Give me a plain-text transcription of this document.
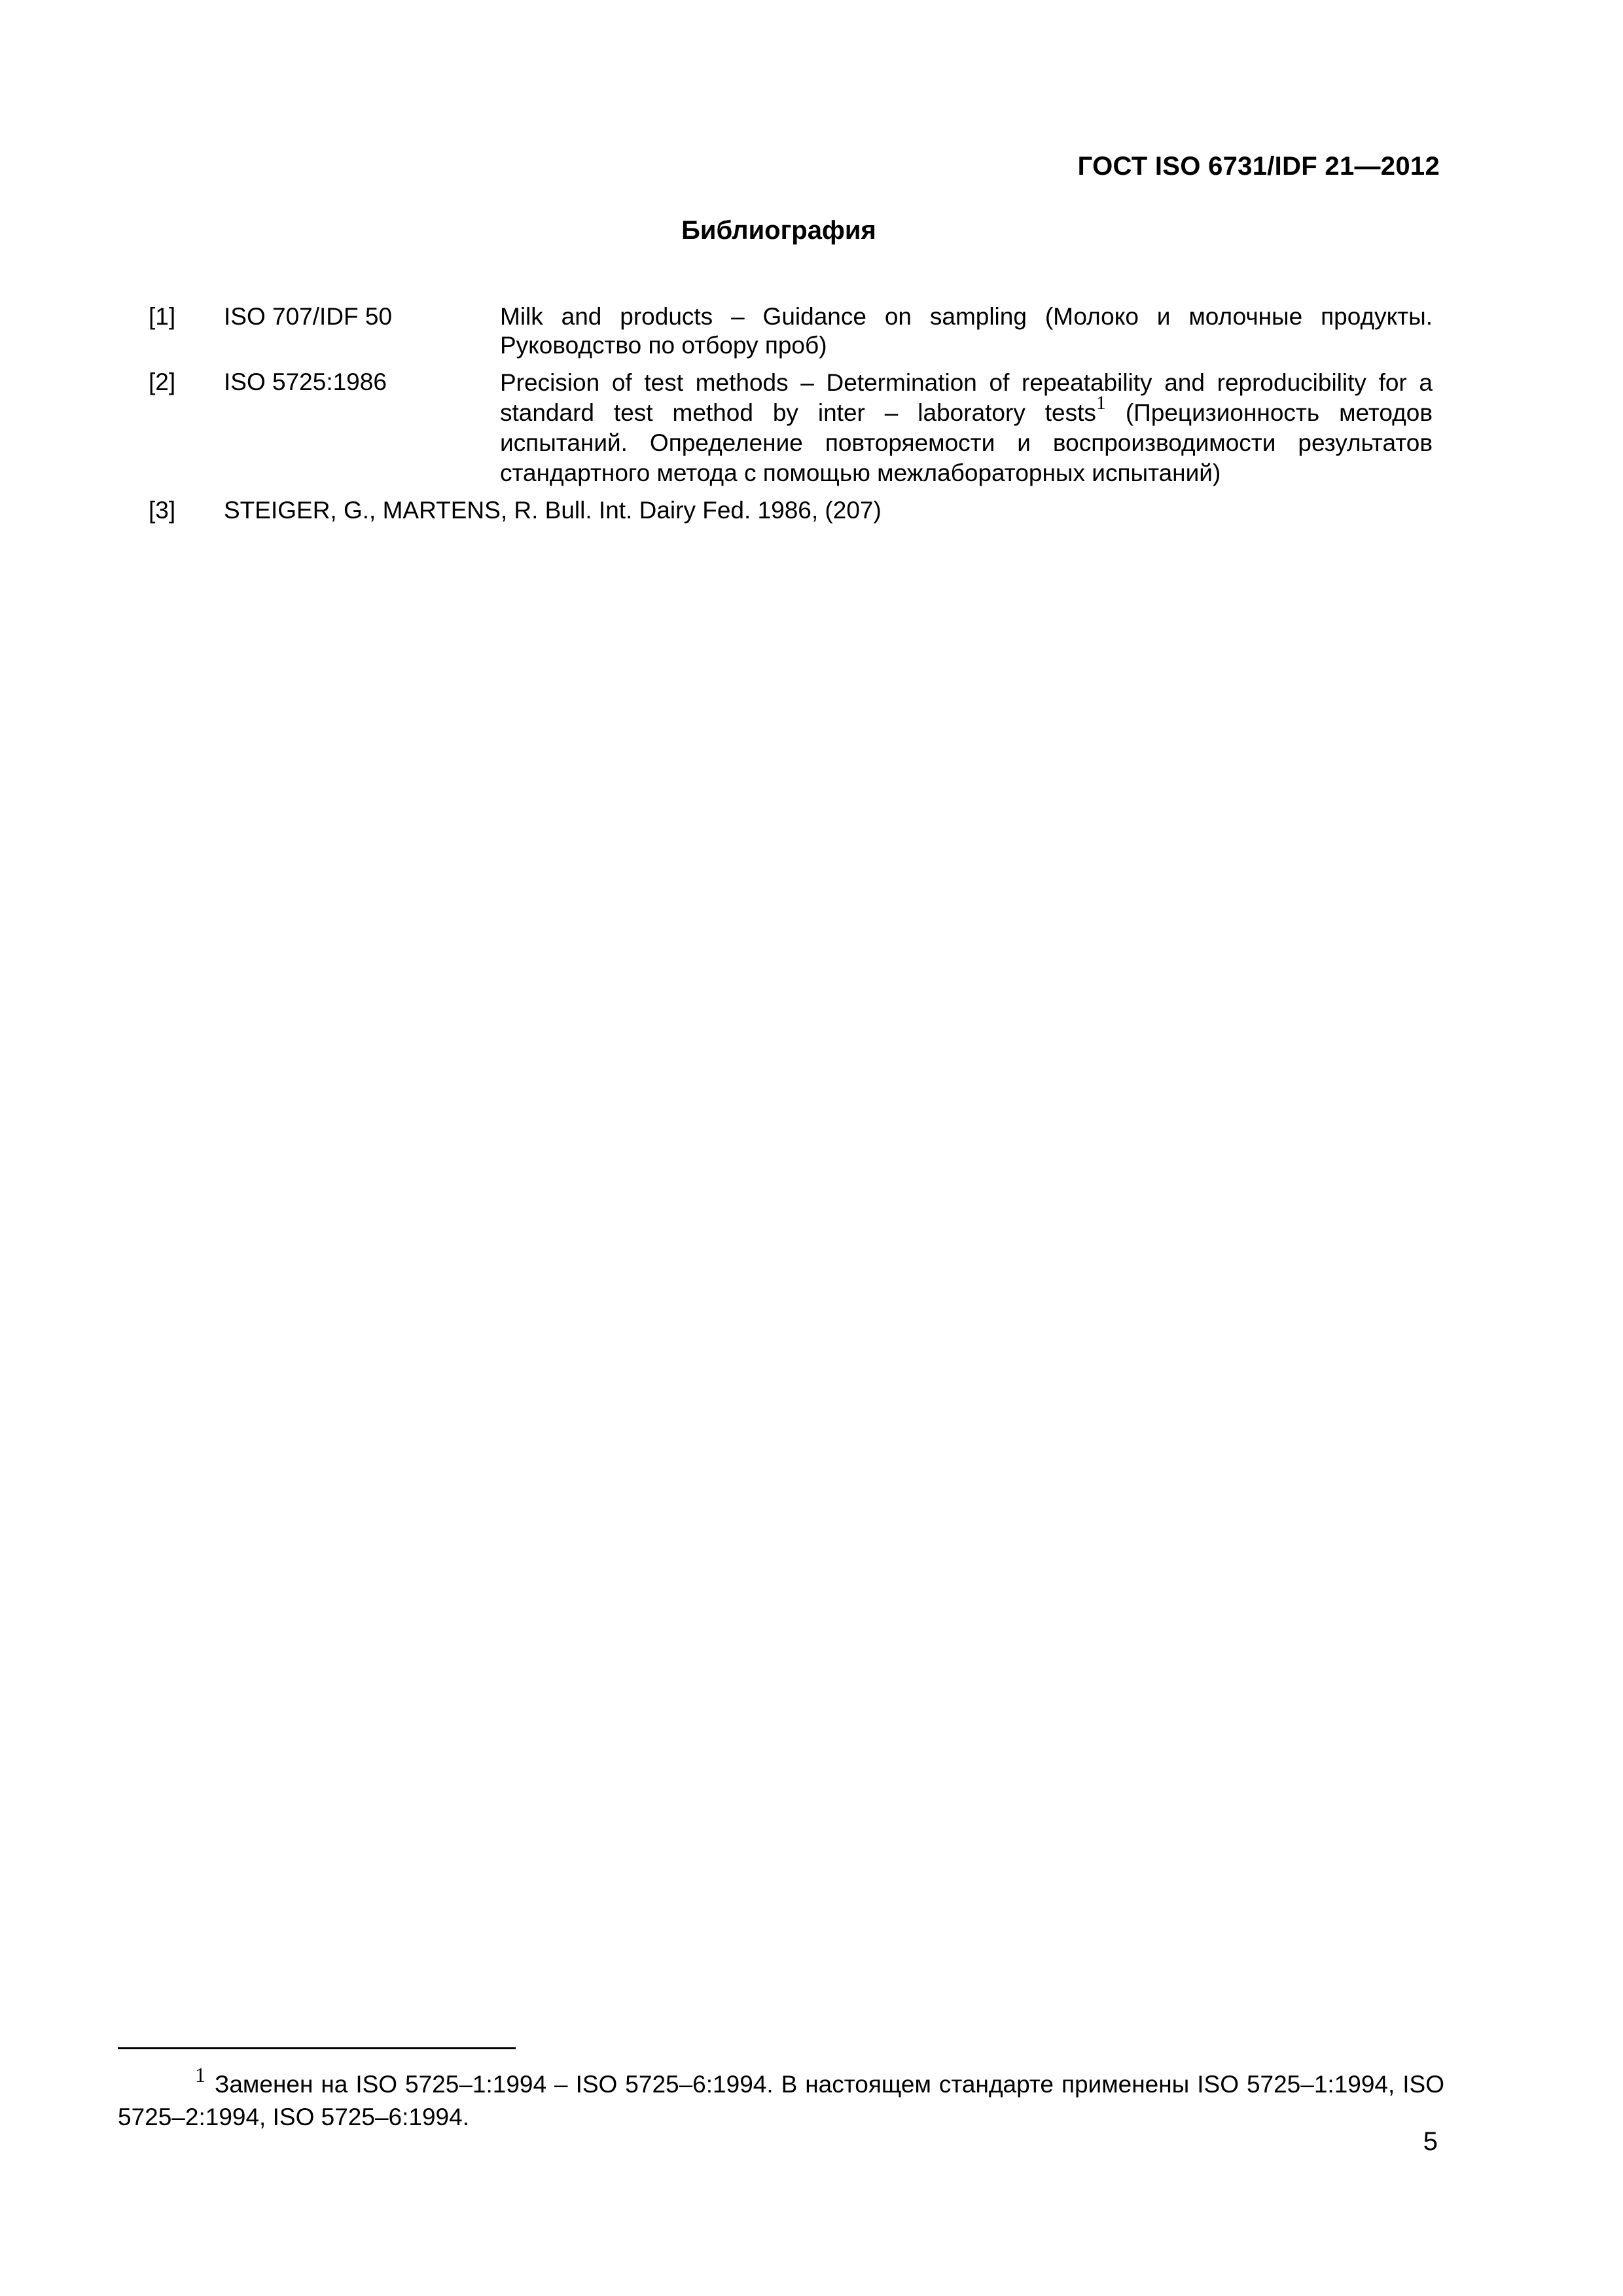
ГОСТ ISO 6731/IDF 21—2012
Библиография
[1] ISO 707/IDF 50	Milk and products – Guidance on sampling (Молоко и молочные продукты. Руководство по отбору проб)
[2] ISO 5725:1986	Precision of test methods – Determination of repeatability and reproducibility for a standard test method by inter – laboratory tests$^1$ (Прецизионность методов испытаний. Определение повторяемости и воспроизводимости результатов стандартного метода с помощью межлабораторных испытаний)
[3] STEIGER, G., MARTENS, R. Bull. Int. Dairy Fed. 1986, (207)
$^1$ Заменен на ISO 5725–1:1994 – ISO 5725–6:1994. В настоящем стандарте применены ISO 5725–1:1994, ISO 5725–2:1994, ISO 5725–6:1994.
5
